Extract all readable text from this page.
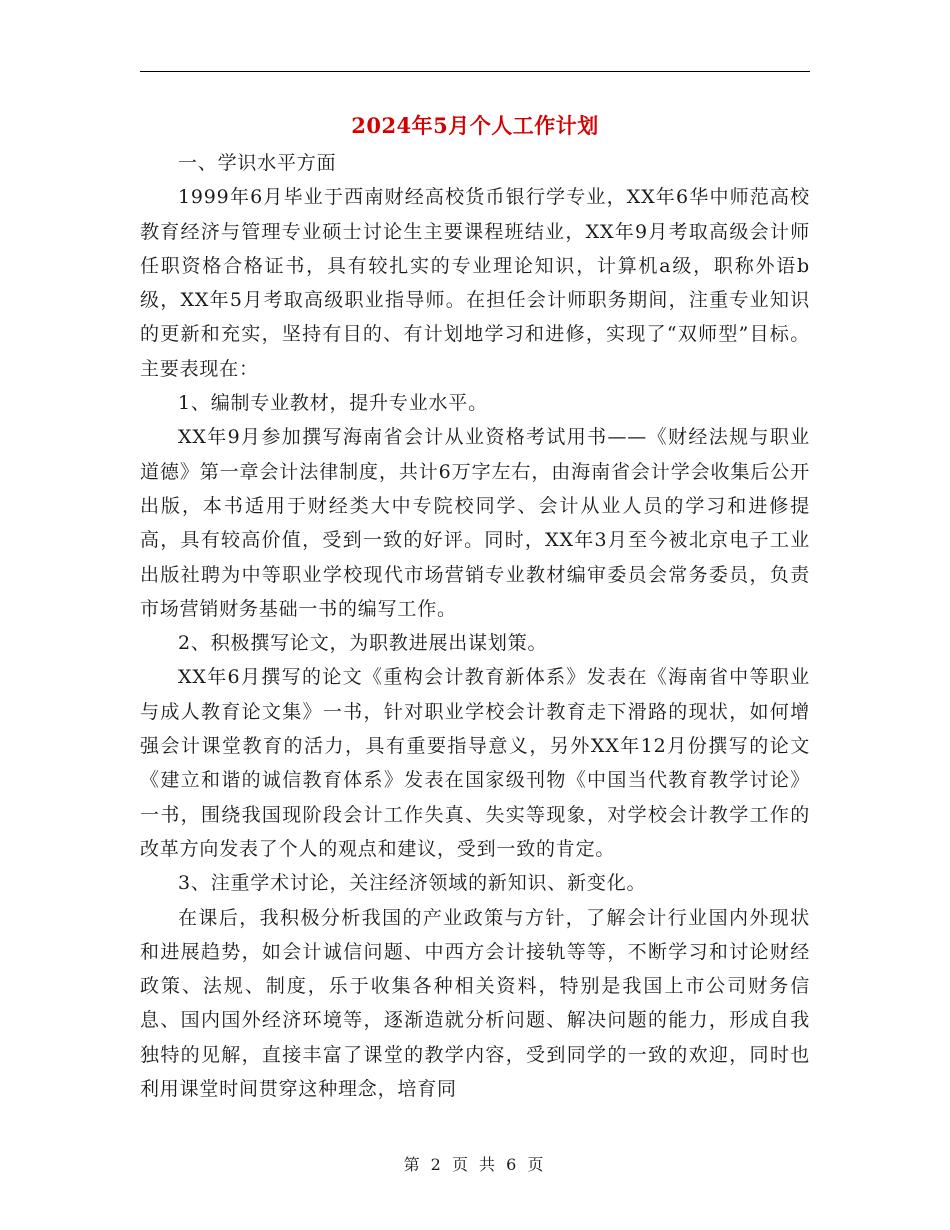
2024年5月个人工作计划

一、学识水平方面

1999年6月毕业于西南财经高校货币银行学专业，XX年6华中师范高校教育经济与管理专业硕士讨论生主要课程班结业，XX年9月考取高级会计师任职资格合格证书，具有较扎实的专业理论知识，计算机a级，职称外语b级，XX年5月考取高级职业指导师。在担任会计师职务期间，注重专业知识的更新和充实，坚持有目的、有计划地学习和进修，实现了“双师型”目标。主要表现在：

1、编制专业教材，提升专业水平。

XX年9月参加撰写海南省会计从业资格考试用书——《财经法规与职业道德》第一章会计法律制度，共计6万字左右，由海南省会计学会收集后公开出版，本书适用于财经类大中专院校同学、会计从业人员的学习和进修提高，具有较高价值，受到一致的好评。同时，XX年3月至今被北京电子工业出版社聘为中等职业学校现代市场营销专业教材编审委员会常务委员，负责市场营销财务基础一书的编写工作。

2、积极撰写论文，为职教进展出谋划策。

XX年6月撰写的论文《重构会计教育新体系》发表在《海南省中等职业与成人教育论文集》一书，针对职业学校会计教育走下滑路的现状，如何增强会计课堂教育的活力，具有重要指导意义，另外XX年12月份撰写的论文《建立和谐的诚信教育体系》发表在国家级刊物《中国当代教育教学讨论》一书，围绕我国现阶段会计工作失真、失实等现象，对学校会计教学工作的改革方向发表了个人的观点和建议，受到一致的肯定。

3、注重学术讨论，关注经济领域的新知识、新变化。

在课后，我积极分析我国的产业政策与方针，了解会计行业国内外现状和进展趋势，如会计诚信问题、中西方会计接轨等等，不断学习和讨论财经政策、法规、制度，乐于收集各种相关资料，特别是我国上市公司财务信息、国内国外经济环境等，逐渐造就分析问题、解决问题的能力，形成自我独特的见解，直接丰富了课堂的教学内容，受到同学的一致的欢迎，同时也利用课堂时间贯穿这种理念，培育同

第 2 页 共 6 页
